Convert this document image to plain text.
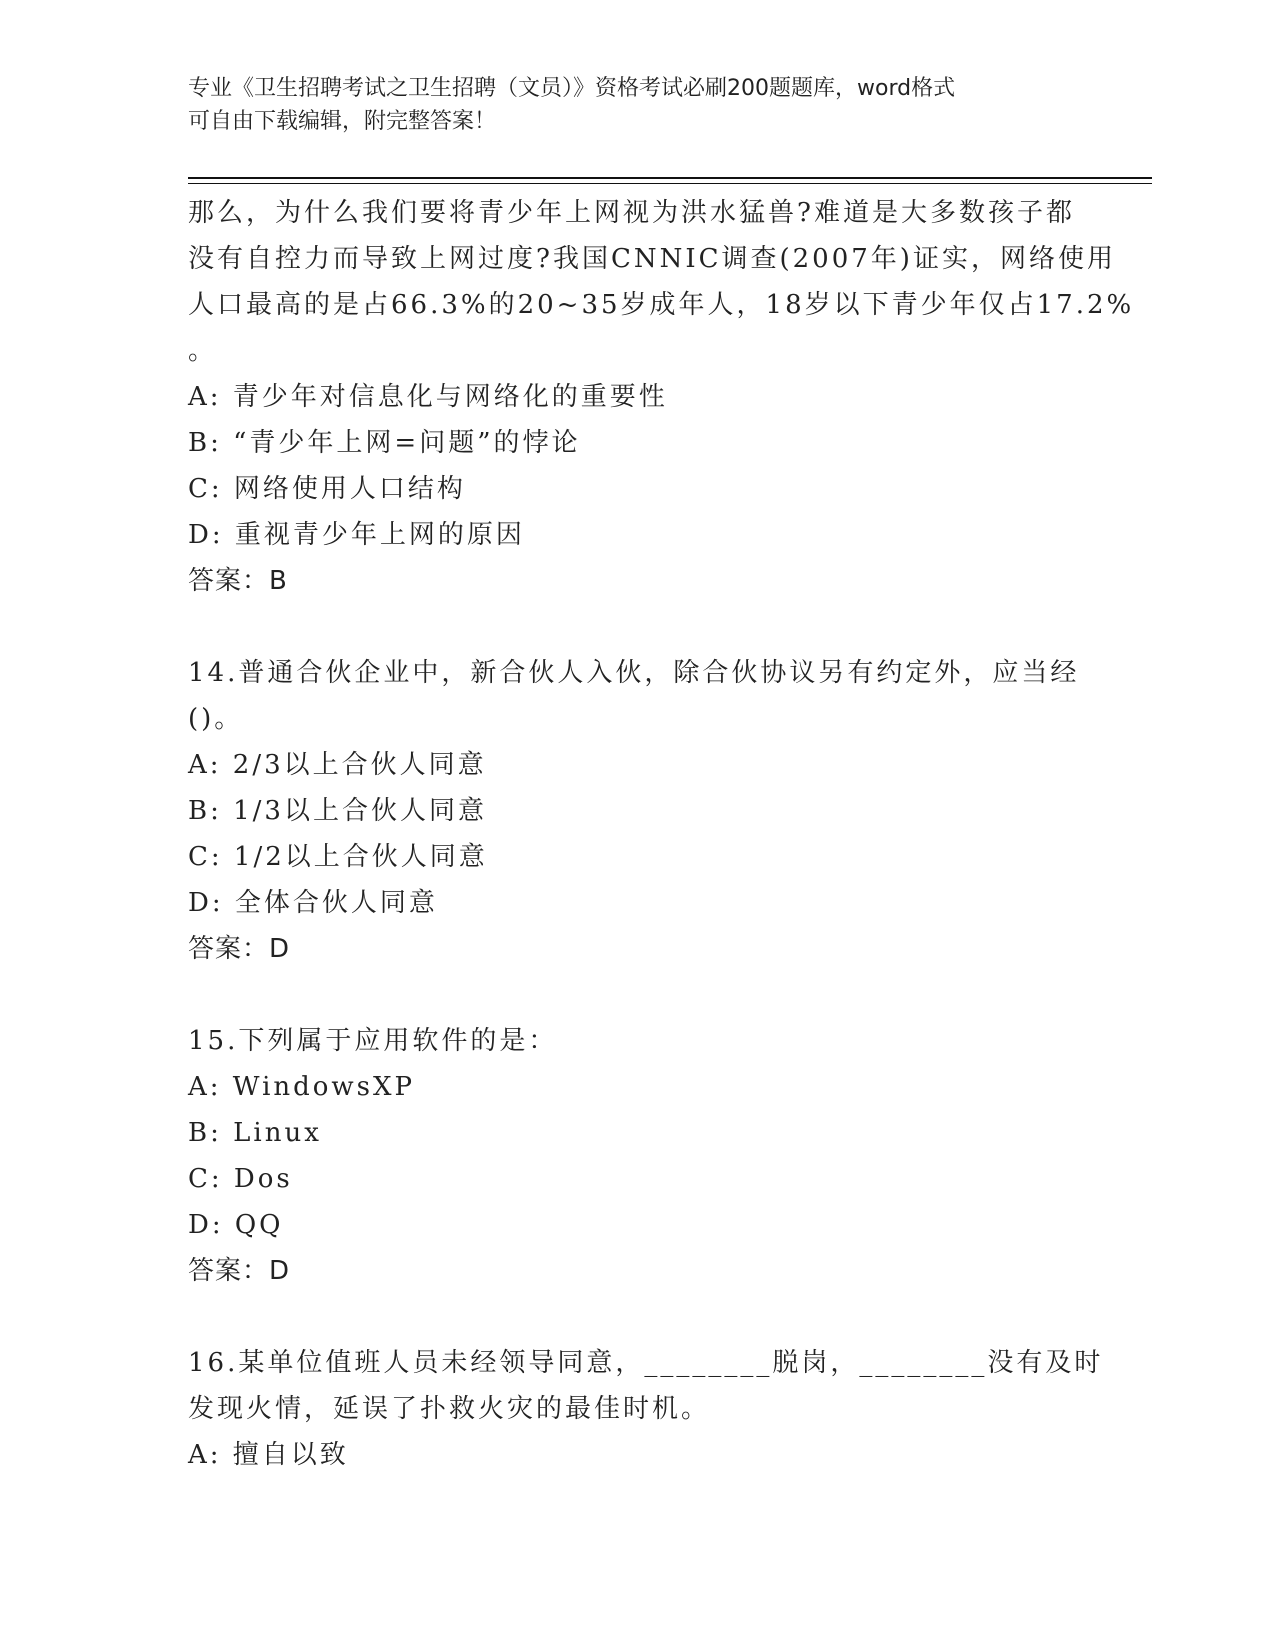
专业《卫生招聘考试之卫生招聘（文员）》资格考试必刷200题题库，word格式
可自由下载编辑，附完整答案！
那么，为什么我们要将青少年上网视为洪水猛兽?难道是大多数孩子都
没有自控力而导致上网过度?我国CNNIC调查(2007年)证实，网络使用
人口最高的是占66.3%的20~35岁成年人，18岁以下青少年仅占17.2%
。
A: 青少年对信息化与网络化的重要性
B: “青少年上网=问题”的悖论
C: 网络使用人口结构
D: 重视青少年上网的原因
答案：B
14.普通合伙企业中，新合伙人入伙，除合伙协议另有约定外，应当经
()。
A: 2/3以上合伙人同意
B: 1/3以上合伙人同意
C: 1/2以上合伙人同意
D: 全体合伙人同意
答案：D
15.下列属于应用软件的是：
A: WindowsXP
B: Linux
C: Dos
D: QQ
答案：D
16.某单位值班人员未经领导同意，________脱岗，________没有及时
发现火情，延误了扑救火灾的最佳时机。
A: 擅自以致
